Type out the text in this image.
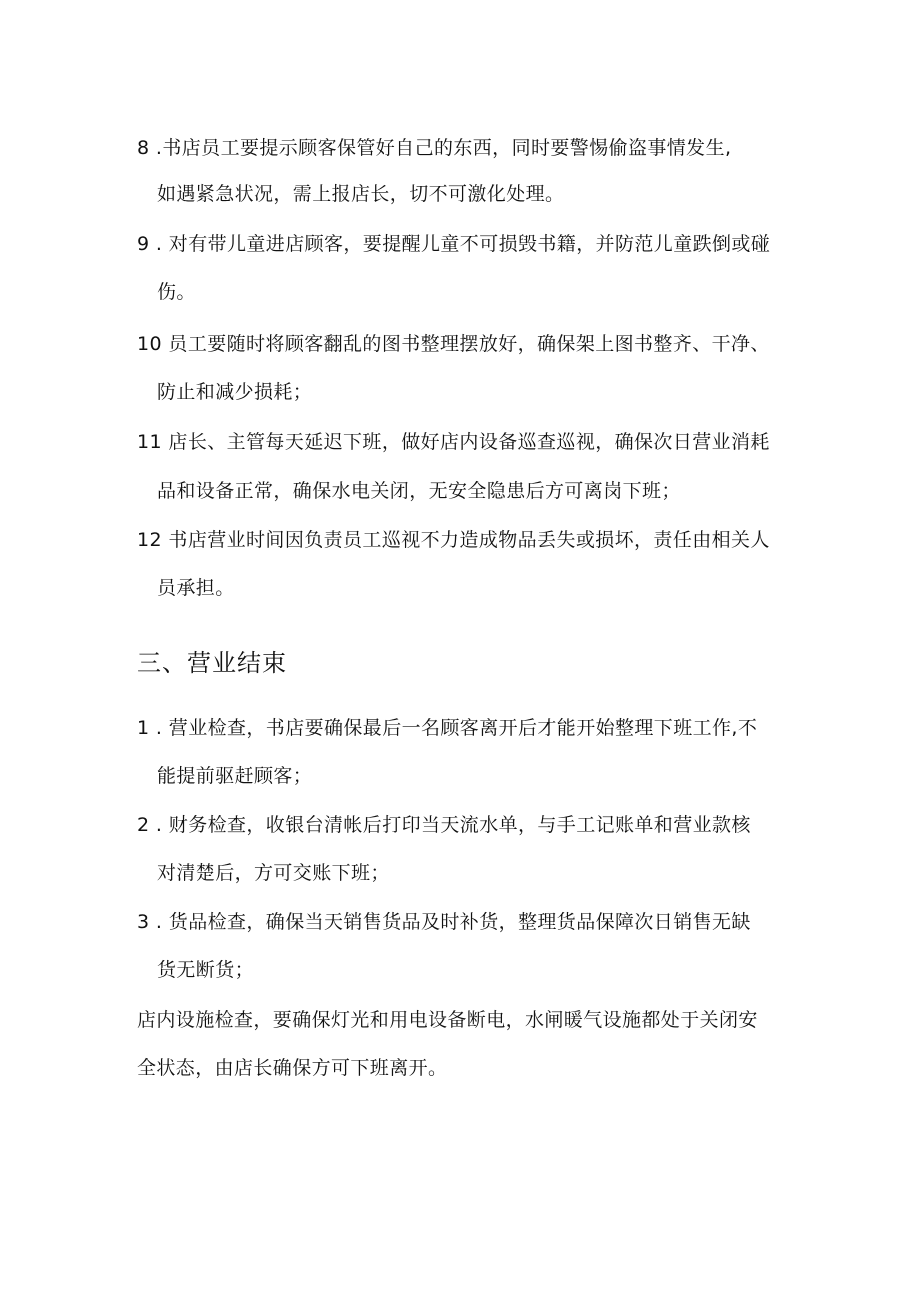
8 .书店员工要提示顾客保管好自己的东西，同时要警惕偷盗事情发生,
如遇紧急状况，需上报店长，切不可激化处理。
9 . 对有带儿童进店顾客，要提醒儿童不可损毁书籍，并防范儿童跌倒或碰
伤。
10 员工要随时将顾客翻乱的图书整理摆放好，确保架上图书整齐、干净、
防止和减少损耗；
11 店长、主管每天延迟下班，做好店内设备巡查巡视，确保次日营业消耗
品和设备正常，确保水电关闭，无安全隐患后方可离岗下班；
12 书店营业时间因负责员工巡视不力造成物品丢失或损坏，责任由相关人
员承担。
三、营业结束
1 . 营业检查，书店要确保最后一名顾客离开后才能开始整理下班工作,不
能提前驱赶顾客；
2 . 财务检查，收银台清帐后打印当天流水单，与手工记账单和营业款核
对清楚后，方可交账下班；
3 . 货品检查，确保当天销售货品及时补货，整理货品保障次日销售无缺
货无断货；
店内设施检查，要确保灯光和用电设备断电，水闸暖气设施都处于关闭安
全状态，由店长确保方可下班离开。
